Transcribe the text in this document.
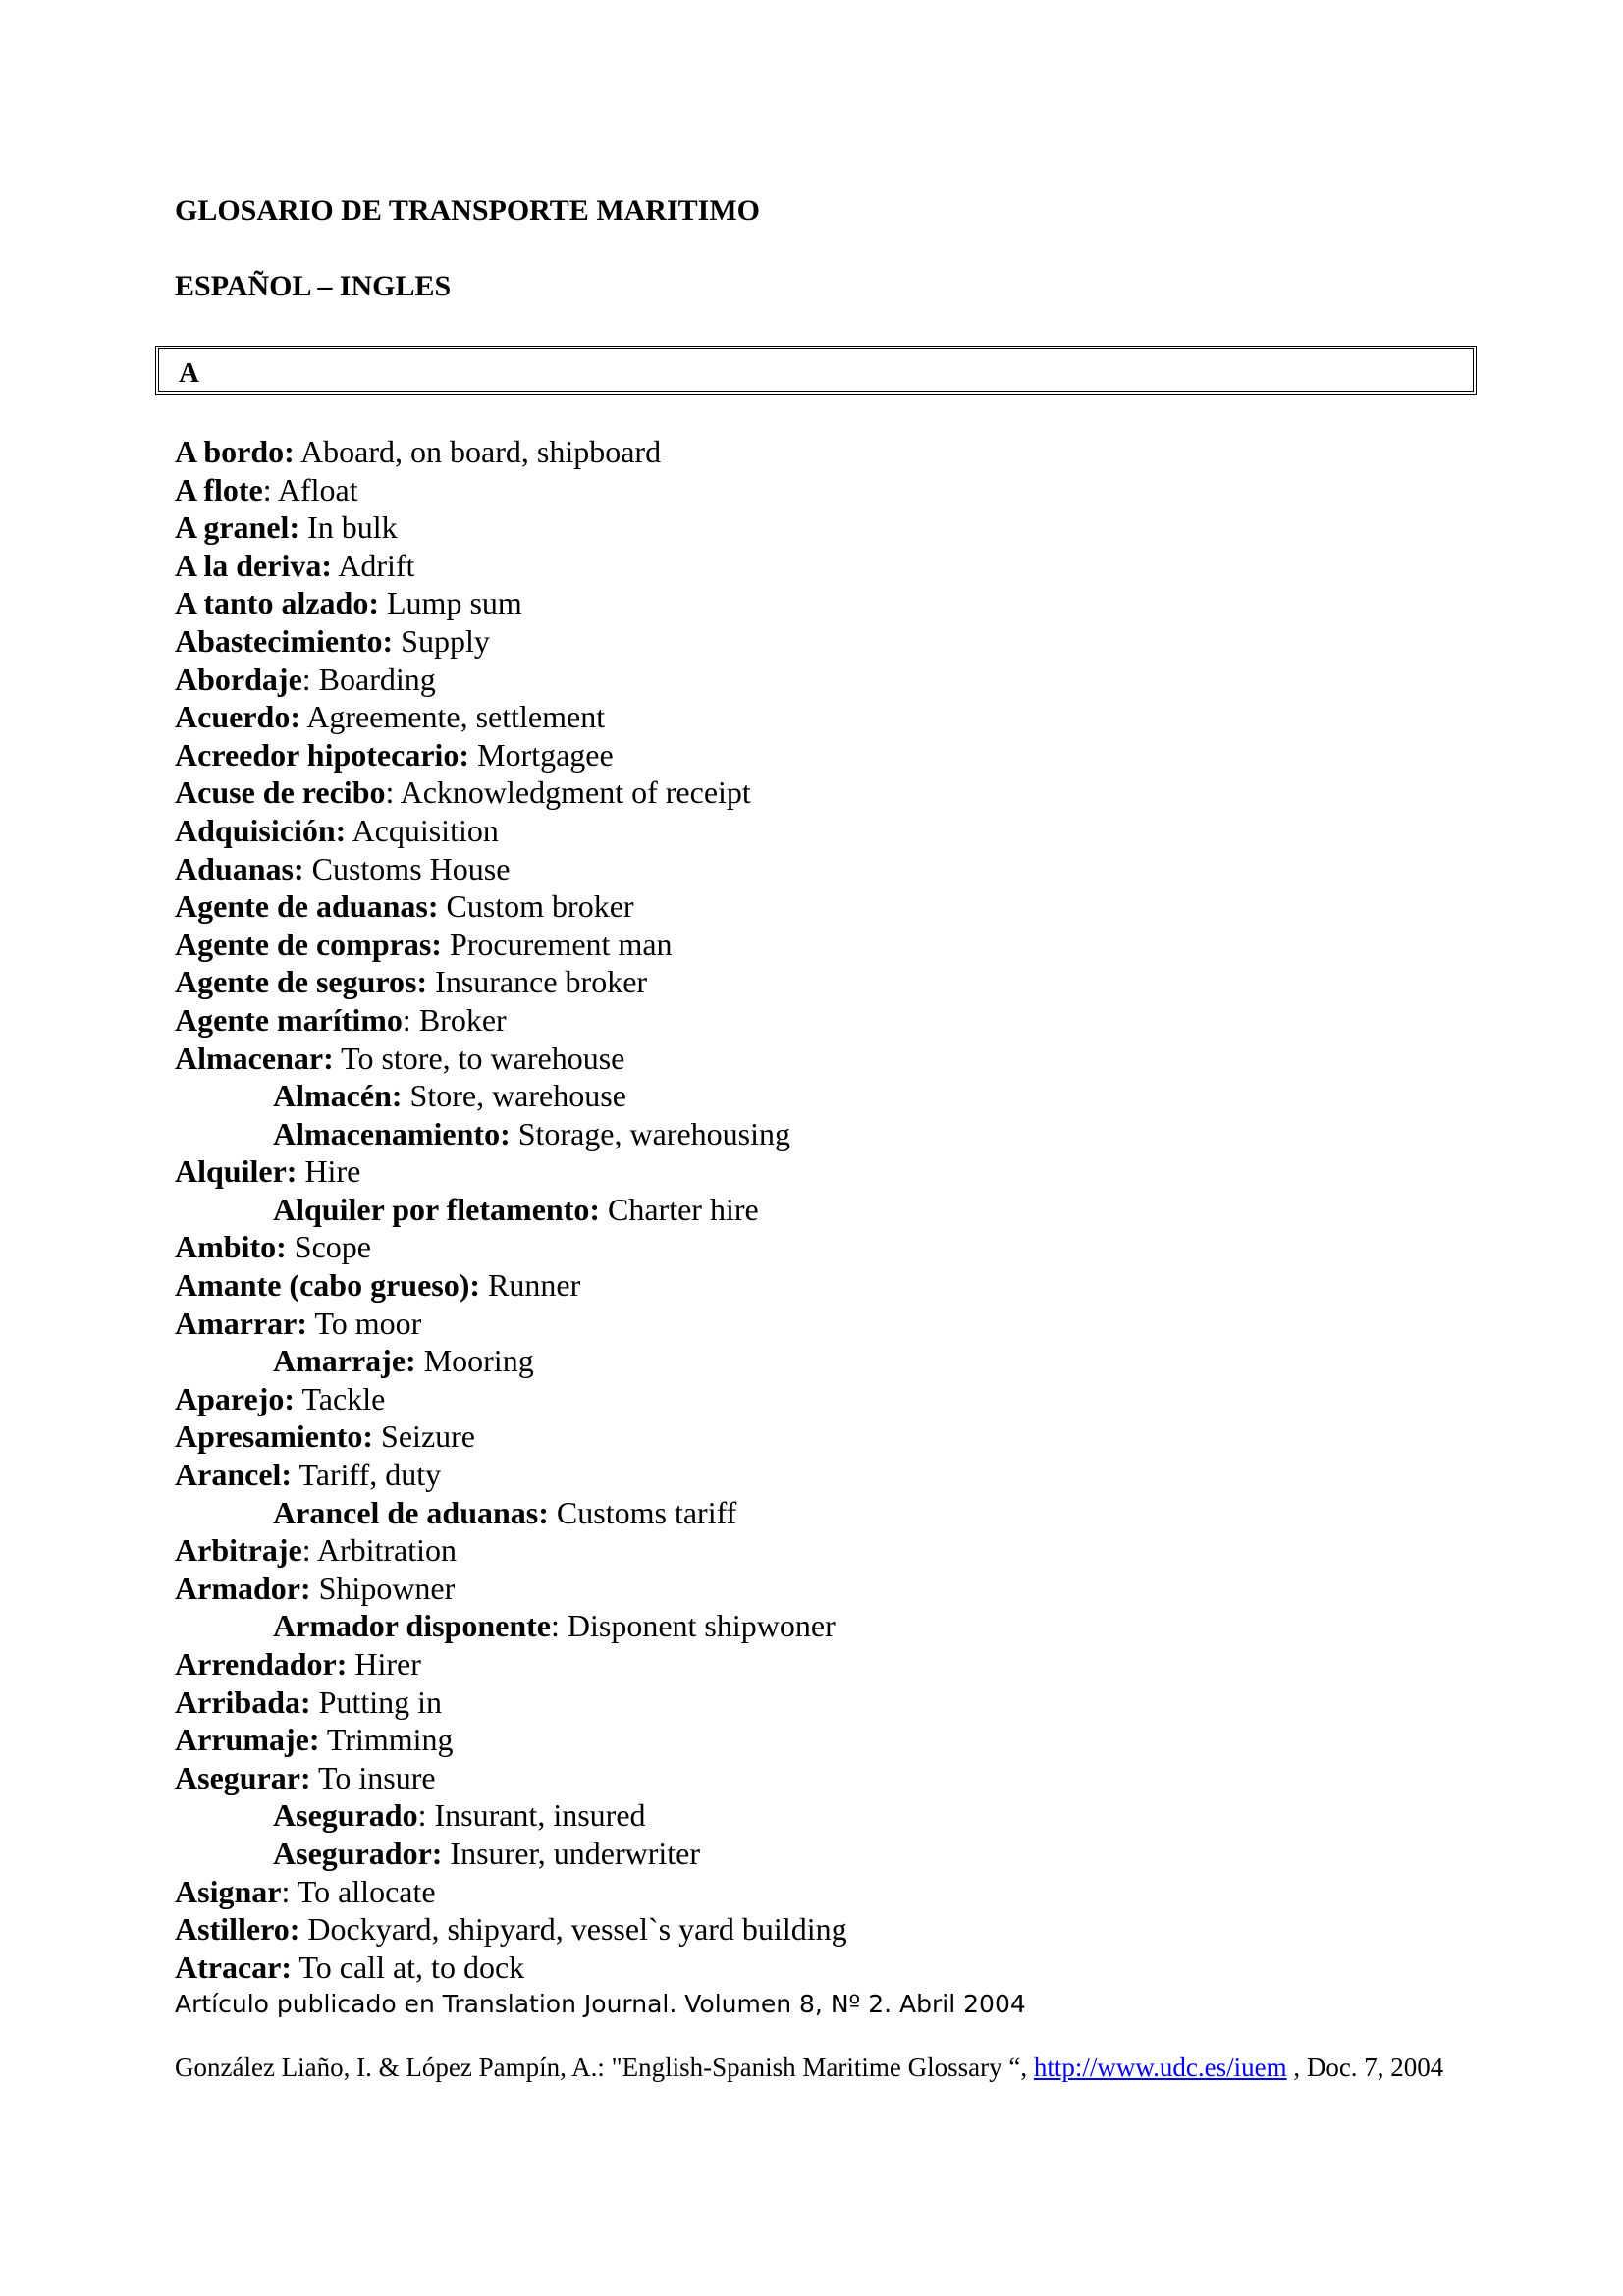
GLOSARIO DE TRANSPORTE MARITIMO
ESPAÑOL – INGLES
A
A bordo: Aboard, on board, shipboard
A flote: Afloat
A granel: In bulk
A la deriva: Adrift
A tanto alzado: Lump sum
Abastecimiento: Supply
Abordaje: Boarding
Acuerdo: Agreemente, settlement
Acreedor hipotecario: Mortgagee
Acuse de recibo: Acknowledgment of receipt
Adquisición: Acquisition
Aduanas: Customs House
Agente de aduanas: Custom broker
Agente de compras: Procurement man
Agente de seguros: Insurance broker
Agente marítimo: Broker
Almacenar: To store, to warehouse
Almacén: Store, warehouse
Almacenamiento: Storage, warehousing
Alquiler: Hire
Alquiler por fletamento: Charter hire
Ambito: Scope
Amante (cabo grueso): Runner
Amarrar: To moor
Amarraje: Mooring
Aparejo: Tackle
Apresamiento: Seizure
Arancel: Tariff, duty
Arancel de aduanas: Customs tariff
Arbitraje: Arbitration
Armador: Shipowner
Armador disponente: Disponent shipwoner
Arrendador: Hirer
Arribada: Putting in
Arrumaje: Trimming
Asegurar: To insure
Asegurado: Insurant, insured
Asegurador: Insurer, underwriter
Asignar: To allocate
Astillero: Dockyard, shipyard, vessel`s yard building
Atracar: To call at, to dock
Artículo publicado en Translation Journal. Volumen 8, Nº 2. Abril 2004
González Liaño, I. & López Pampín, A.: "English-Spanish Maritime Glossary “, http://www.udc.es/iuem , Doc. 7, 2004
